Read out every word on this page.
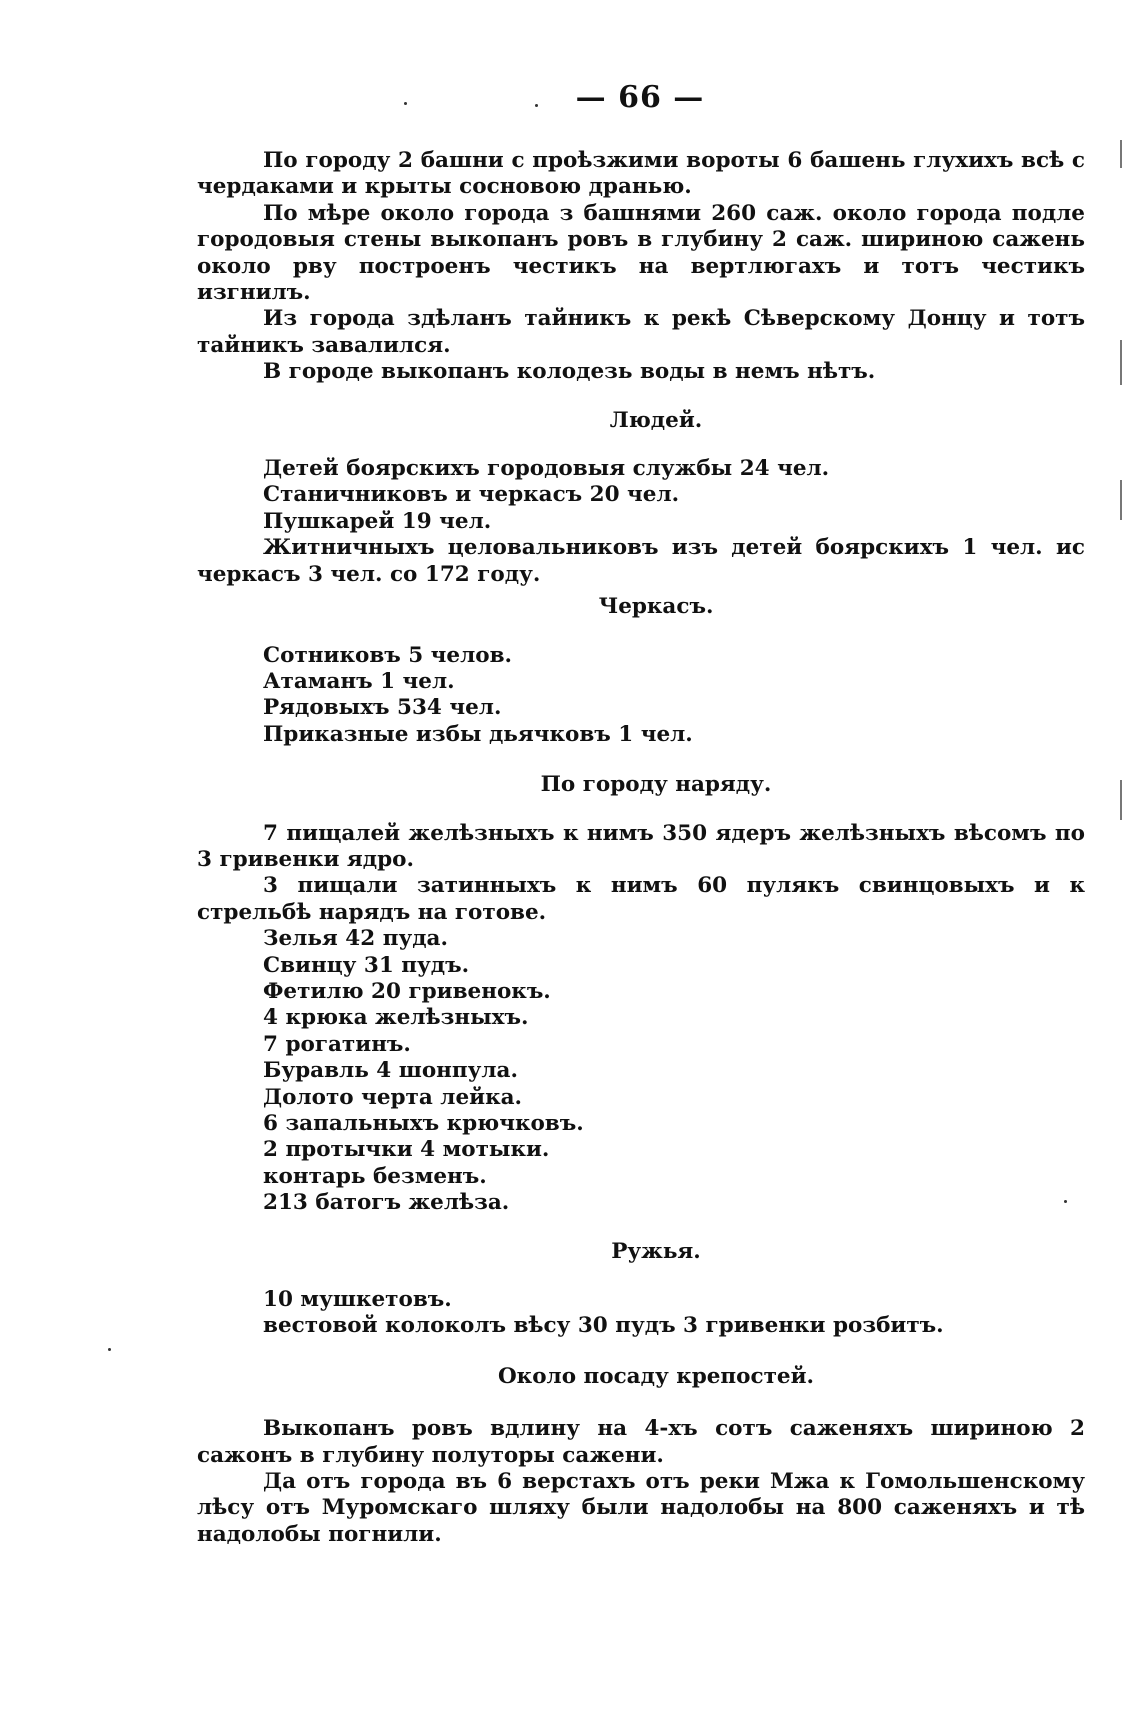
— 66 —

По городу 2 башни с проѣзжими вороты 6 башень глухихъ всѣ с чердаками и крыты сосновою дранью.

По мѣре около города з башнями 260 саж. около города подле городовыя стены выкопанъ ровъ в глубину 2 саж. шириною сажень около рву построенъ честикъ на вертлюгахъ и тотъ честикъ изгнилъ.

Из города здѣланъ тайникъ к рекѣ Сѣверскому Донцу и тотъ тайникъ завалился.

В городе выкопанъ колодезь воды в немъ нѣтъ.

Людей.
Детей боярскихъ городовыя службы 24 чел.
Станичниковъ и черкасъ 20 чел.
Пушкарей 19 чел.

Житничныхъ целовальниковъ изъ детей боярскихъ 1 чел. ис черкасъ 3 чел. со 172 году.

Черкасъ.
Сотниковъ 5 челов.
Атаманъ 1 чел.
Рядовыхъ 534 чел.
Приказные избы дьячковъ 1 чел.
По городу наряду.

7 пищалей желѣзныхъ к нимъ 350 ядеръ желѣзныхъ вѣсомъ по 3 гривенки ядро.

3 пищали затинныхъ к нимъ 60 пулякъ свинцовыхъ и к стрельбѣ нарядъ на готове.

Зелья 42 пуда.
Свинцу 31 пудъ.
Фетилю 20 гривенокъ.
4 крюка желѣзныхъ.
7 рогатинъ.
Буравль 4 шонпула.
Долото черта лейка.
6 запальныхъ крючковъ.
2 протычки 4 мотыки.
контарь безменъ.
213 батогъ желѣза.
Ружья.
10 мушкетовъ.
вестовой колоколъ вѣсу 30 пудъ 3 гривенки розбитъ.
Около посаду крепостей.

Выкопанъ ровъ вдлину на 4-хъ сотъ саженяхъ шириною 2 сажонъ в глубину полуторы сажени.

Да отъ города въ 6 верстахъ отъ реки Мжа к Гомольшенскому лѣсу отъ Муромскаго шляху были надолобы на 800 саженяхъ и тѣ надолобы погнили.
